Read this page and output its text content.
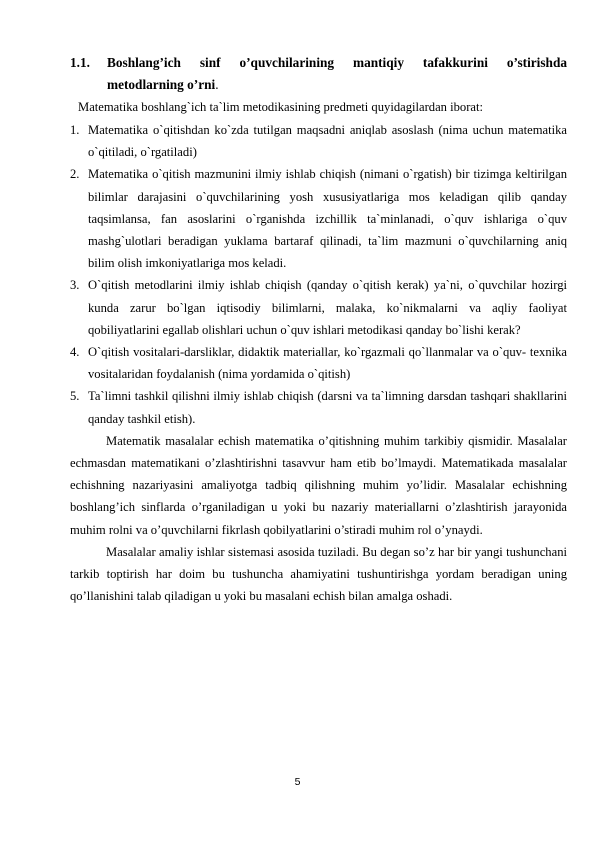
1.1.	Boshlang’ich sinf o’quvchilarining mantiqiy tafakkurini o’stirishda metodlarning o’rni.
Matematika boshlang`ich ta`lim metodikasining predmeti quyidagilardan iborat:
1. Matematika o`qitishdan ko`zda tutilgan maqsadni aniqlab asoslash (nima uchun matematika o`qitiladi, o`rgatiladi)
2. Matematika o`qitish mazmunini ilmiy ishlab chiqish (nimani o`rgatish) bir tizimga keltirilgan bilimlar darajasini o`quvchilarining yosh xususiyatlariga mos keladigan qilib qanday taqsimlansa, fan asoslarini o`rganishda izchillik ta`minlanadi, o`quv ishlariga o`quv mashg`ulotlari beradigan yuklama bartaraf qilinadi, ta`lim mazmuni o`quvchilarning aniq bilim olish imkoniyatlariga mos keladi.
3. O`qitish metodlarini ilmiy ishlab chiqish (qanday o`qitish kerak) ya`ni, o`quvchilar hozirgi kunda zarur bo`lgan iqtisodiy bilimlarni, malaka, ko`nikmalarni va aqliy faoliyat qobiliyatlarini egallab olishlari uchun o`quv ishlari metodikasi qanday bo`lishi kerak?
4. O`qitish vositalari-darsliklar, didaktik materiallar, ko`rgazmali qo`llanmalar va o`quv- texnika vositalaridan foydalanish (nima yordamida o`qitish)
5. Ta`limni tashkil qilishni ilmiy ishlab chiqish (darsni va ta`limning darsdan tashqari shakllarini qanday tashkil etish).

Matematik masalalar echish matematika o’qitishning muhim tarkibiy qismidir. Masalalar echmasdan matematikani o’zlashtirishni tasavvur ham etib bo’lmaydi. Matematikada masalalar echishning nazariyasini amaliyotga tadbiq qilishning muhim yo’lidir. Masalalar echishning boshlang’ich sinflarda o’rganiladigan u yoki bu nazariy materiallarni o’zlashtirish jarayonida muhim rolni va o’quvchilarni fikrlash qobilyatlarini o’stiradi muhim rol o’ynaydi.

Masalalar amaliy ishlar sistemasi asosida tuziladi. Bu degan so’z har bir yangi tushunchani tarkib toptirish har doim bu tushuncha ahamiyatini tushuntirishga yordam beradigan uning qo’llanishini talab qiladigan u yoki bu masalani echish bilan amalga oshadi.

5
